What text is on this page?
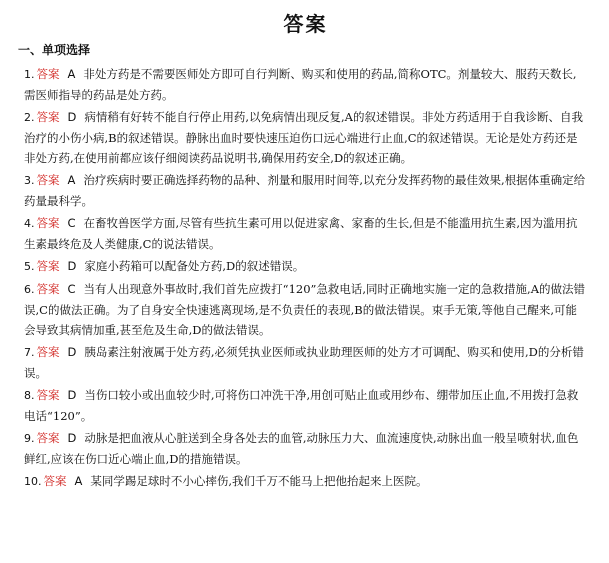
答案
一、单项选择
1. 答案 A 非处方药是不需要医师处方即可自行判断、购买和使用的药品,简称OTC。剂量较大、服药天数长,需医师指导的药品是处方药。
2. 答案 D 病情稍有好转不能自行停止用药,以免病情出现反复,A的叙述错误。非处方药适用于自我诊断、自我治疗的小伤小病,B的叙述错误。静脉出血时要快速压迫伤口远心端进行止血,C的叙述错误。无论是处方药还是非处方药,在使用前都应该仔细阅读药品说明书,确保用药安全,D的叙述正确。
3. 答案 A 治疗疾病时要正确选择药物的品种、剂量和服用时间等,以充分发挥药物的最佳效果,根据体重确定给药量最科学。
4. 答案 C 在畜牧兽医学方面,尽管有些抗生素可用以促进家禽、家畜的生长,但是不能滥用抗生素,因为滥用抗生素最终危及人类健康,C的说法错误。
5. 答案 D 家庭小药箱可以配备处方药,D的叙述错误。
6. 答案 C 当有人出现意外事故时,我们首先应拨打“120”急救电话,同时正确地实施一定的急救措施,A的做法错误,C的做法正确。为了自身安全快速逃离现场,是不负责任的表现,B的做法错误。束手无策,等他自己醒来,可能会导致其病情加重,甚至危及生命,D的做法错误。
7. 答案 D 胰岛素注射液属于处方药,必须凭执业医师或执业助理医师的处方才可调配、购买和使用,D的分析错误。
8. 答案 D 当伤口较小或出血较少时,可将伤口冲洗干净,用创可贴止血或用纱布、绷带加压止血,不用拨打急救电话“120”。
9. 答案 D 动脉是把血液从心脏送到全身各处去的血管,动脉压力大、血流速度快,动脉出血一般呈喷射状,血色鲜红,应该在伤口近心端止血,D的措施错误。
10. 答案 A 某同学踢足球时不小心摔伤,我们千万不能马上把他抬起来上医院。
